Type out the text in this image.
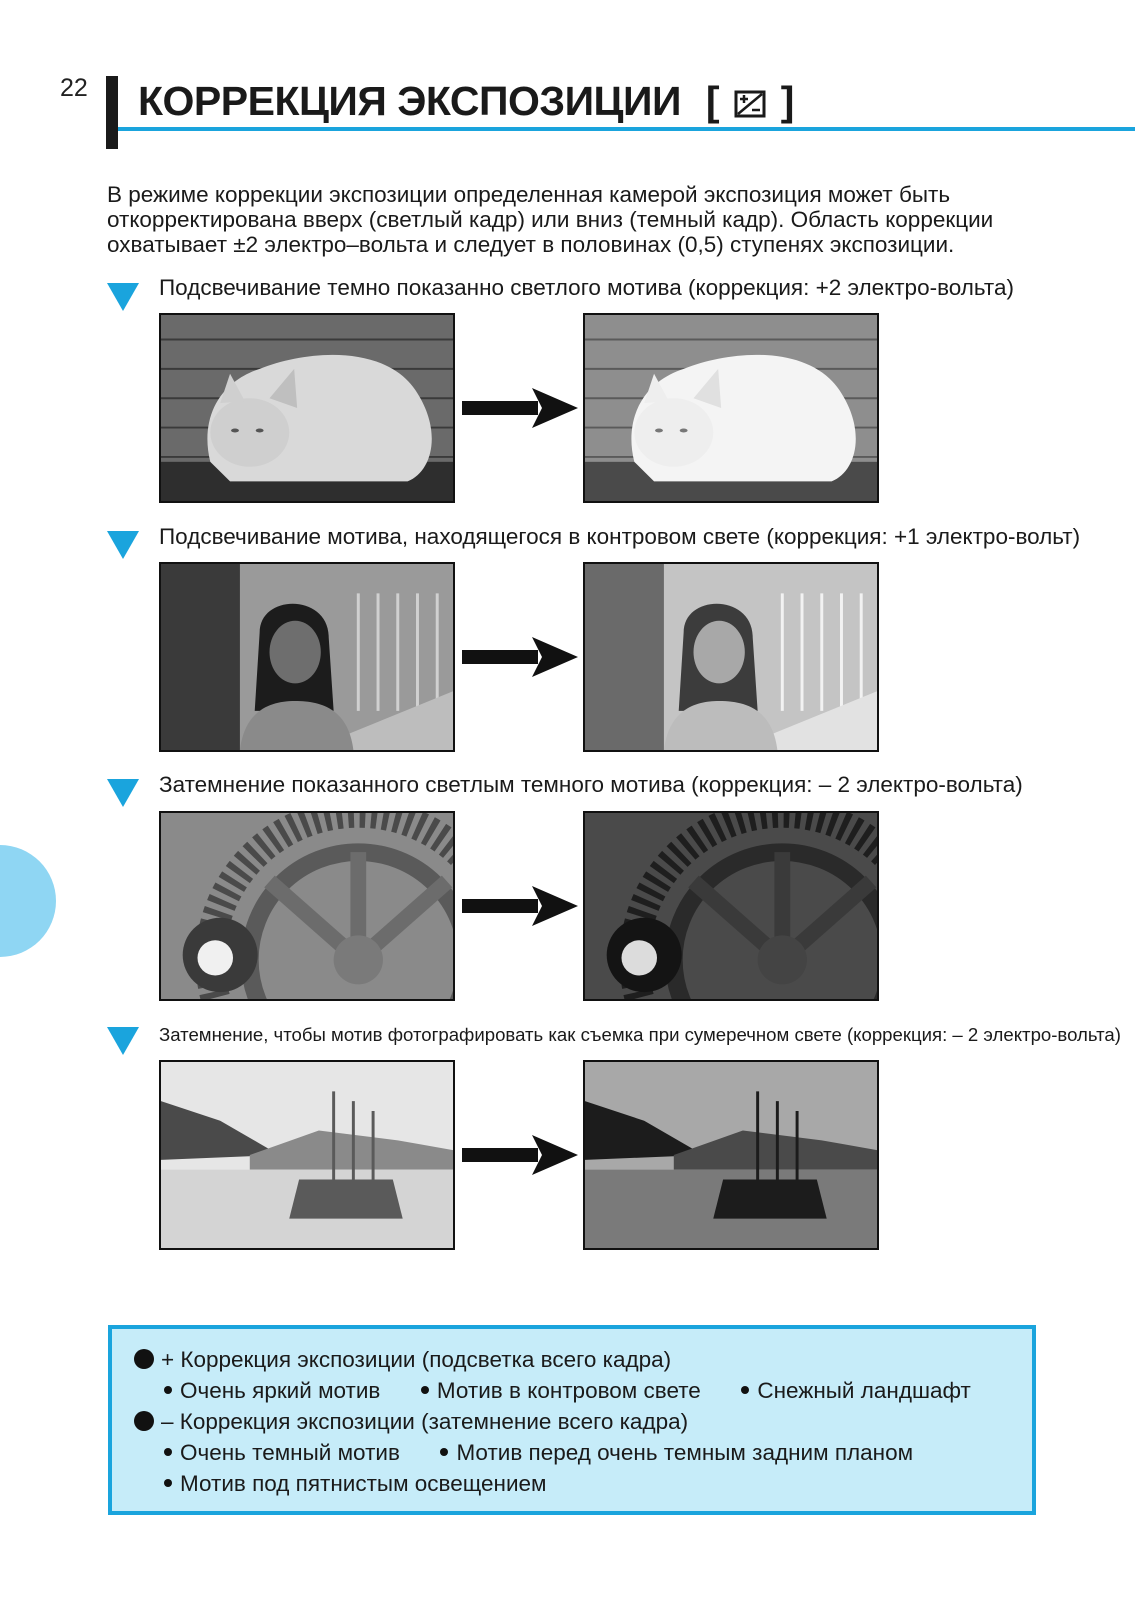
22 КОРРЕКЦИЯ ЭКСПОЗИЦИИ [ ]

В режиме коррекции экспозиции определенная камерой экспозиция может быть

откорректирована вверх (светлый кадр) или вниз (темный кадр). Область коррекции

охватывает ±2 электро–вольта и следует в половинах (0,5) ступенях экспозиции.

Подсвечивание темно показанно светлого мотива (коррекция: +2 электро-вольта)
Подсвечивание мотива, находящегося в контровом свете (коррекция: +1 электро-вольт)
Затемнение показанного светлым темного мотива (коррекция: – 2 электро-вольта)
Затемнение, чтобы мотив фотографировать как съемка при сумеречном свете (коррекция: – 2 электро-вольта)
+ Коррекция экспозиции (подсветка всего кадра)
Очень яркий мотив	Мотив в контровом свете	Снежный ландшафт
– Коррекция экспозиции (затемнение всего кадра)
Очень темный мотив	Мотив перед очень темным задним планом
Мотив под пятнистым освещением
